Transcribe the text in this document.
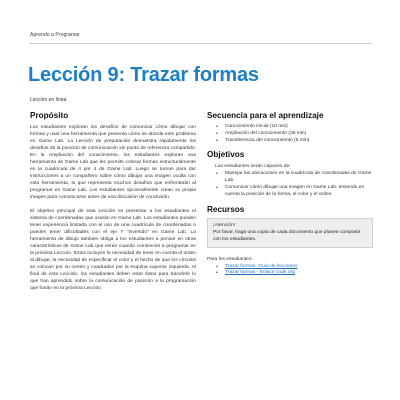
Aprendo a Programar
Lección 9: Trazar formas
Lección en línea
Propósito

Los estudiantes exploran los desafíos de comunicar cómo dibujar con formas y usar una herramienta que presenta cómo se aborda este problema en Game Lab. La Lección de preparación demuestra rápidamente los desafíos de la posición de comunicación sin punto de referencia compartido. En la Ampliación del conocimiento, los estudiantes exploran una herramienta de Game Lab que les permite colocar formas estructuralmente en la cuadrícula de 4 por 4 de Game Lab. Luego se turnan para dar instrucciones a un compañero sobre cómo dibujar una imagen oculta con esta herramienta, lo que representa muchos desafíos que enfrentarán al programar en Game Lab. Los estudiantes opcionalmente crean su propia imagen para comunicarse antes de una discusión de conclusión.

El objetivo principal de esta Lección es presentar a los estudiantes el sistema de coordenadas que usarán en Game Lab. Los estudiantes pueden tener experiencia limitada con el uso de una cuadrícula de coordenadas o pueden tener dificultades con el eje Y "invertido" en Game Lab. La herramienta de dibujo también obliga a los estudiantes a pensar en otras características de Game Lab que verán cuando comiencen a programar en la próxima Lección. Estos incluyen la necesidad de tener en cuenta el orden al dibujar, la necesidad de especificar el color y el hecho de que los círculos se colocan por su centro y cuadrados por la esquina superior izquierda. Al final de esta Lección, los estudiantes deben estar listos para transferir lo que han aprendido sobre la comunicación de posición a la programación que harán en la próxima Lección.

Secuencia para el aprendizaje
• Conocimiento inicial (10 min)
• Ampliación del conocimiento (35 min)
• Transferencia del conocimiento (5 min)
Objetivos
Los estudiantes serán capaces de:
• Manejar las ubicaciones en la cuadrícula de coordenadas de Game Lab.
• Comunicar cómo dibujar una imagen en Game Lab, teniendo en cuenta la posición de la forma, el color y el orden.
Recursos
¡Atención!
Por favor, haga una copia de cada documento que planee compartir con los estudiantes.
Para los estudiantes:
• Trazar formas- Guía de lecciones
• Trazar formas - Enlace code.org
